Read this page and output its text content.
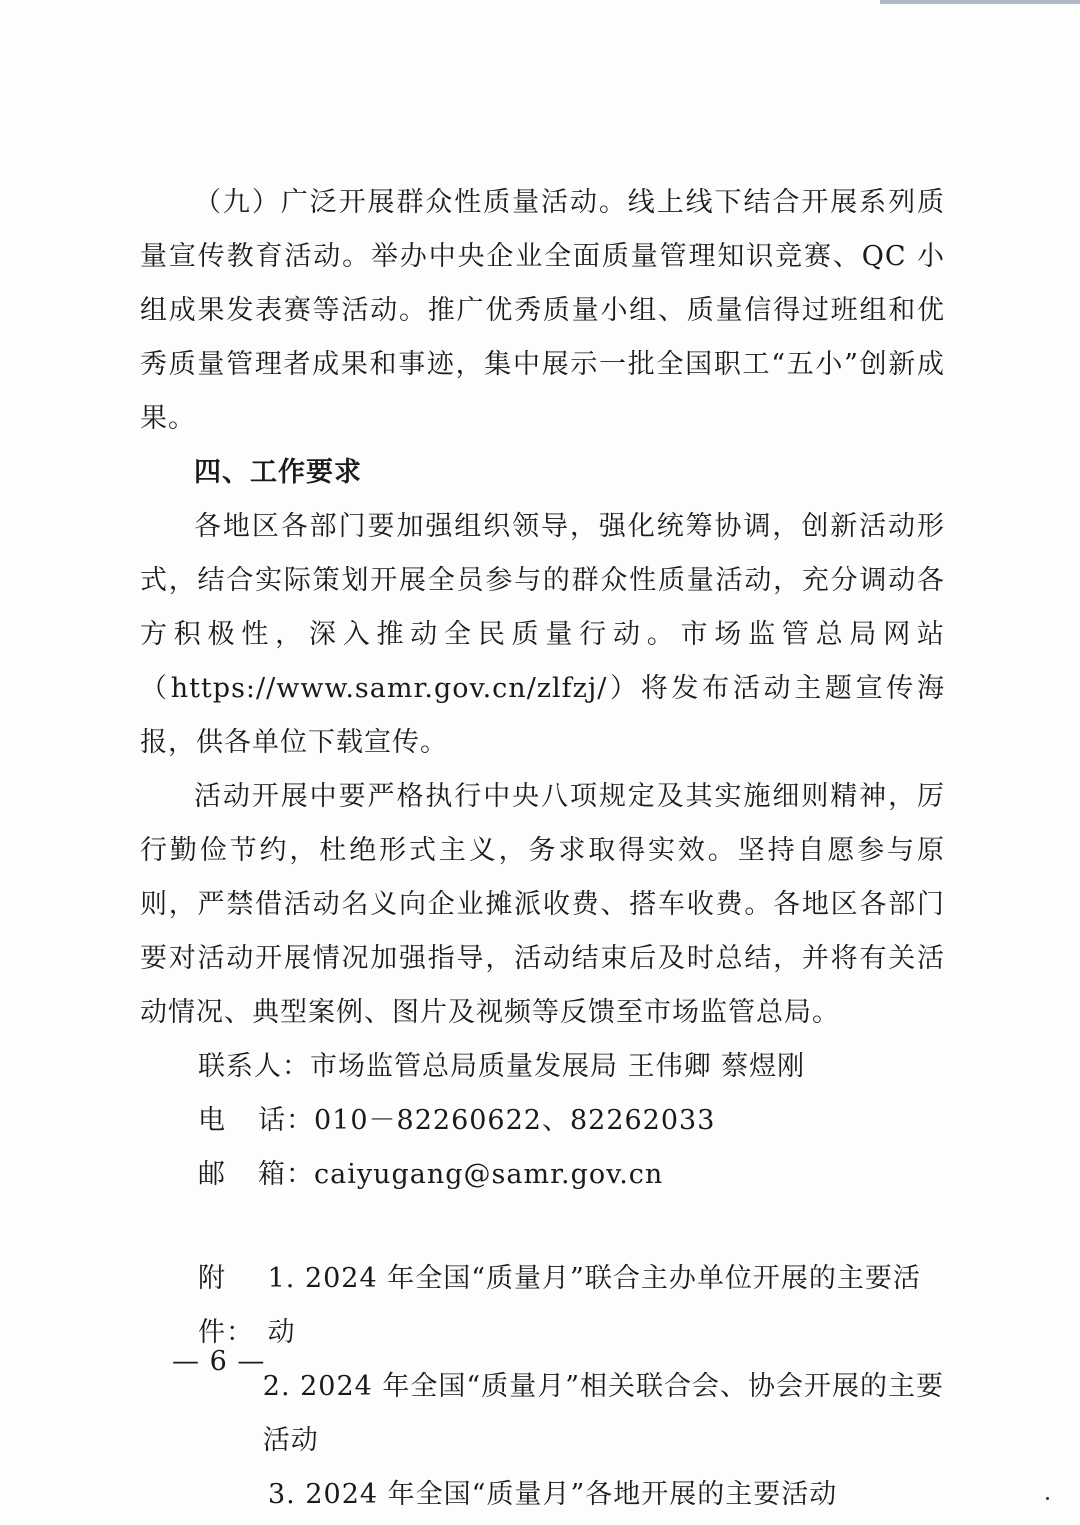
（九）广泛开展群众性质量活动。线上线下结合开展系列质量宣传教育活动。举办中央企业全面质量管理知识竞赛、QC 小组成果发表赛等活动。推广优秀质量小组、质量信得过班组和优秀质量管理者成果和事迹，集中展示一批全国职工“五小”创新成果。

四、工作要求

各地区各部门要加强组织领导，强化统筹协调，创新活动形式，结合实际策划开展全员参与的群众性质量活动，充分调动各方积极性，深入推动全民质量行动。市场监管总局网站（https://www.samr.gov.cn/zlfzj/）将发布活动主题宣传海报，供各单位下载宣传。

活动开展中要严格执行中央八项规定及其实施细则精神，厉行勤俭节约，杜绝形式主义，务求取得实效。坚持自愿参与原则，严禁借活动名义向企业摊派收费、搭车收费。各地区各部门要对活动开展情况加强指导，活动结束后及时总结，并将有关活动情况、典型案例、图片及视频等反馈至市场监管总局。

联系人： 市场监管总局质量发展局 王伟卿 蔡煜刚
电 话 ：010－82260622、82262033
邮 箱 ：caiyugang@samr.gov.cn
附件：
1. 2024 年全国“质量月”联合主办单位开展的主要活动
2. 2024 年全国“质量月”相关联合会、协会开展的主要活动
3. 2024 年全国“质量月”各地开展的主要活动
— 6 —
